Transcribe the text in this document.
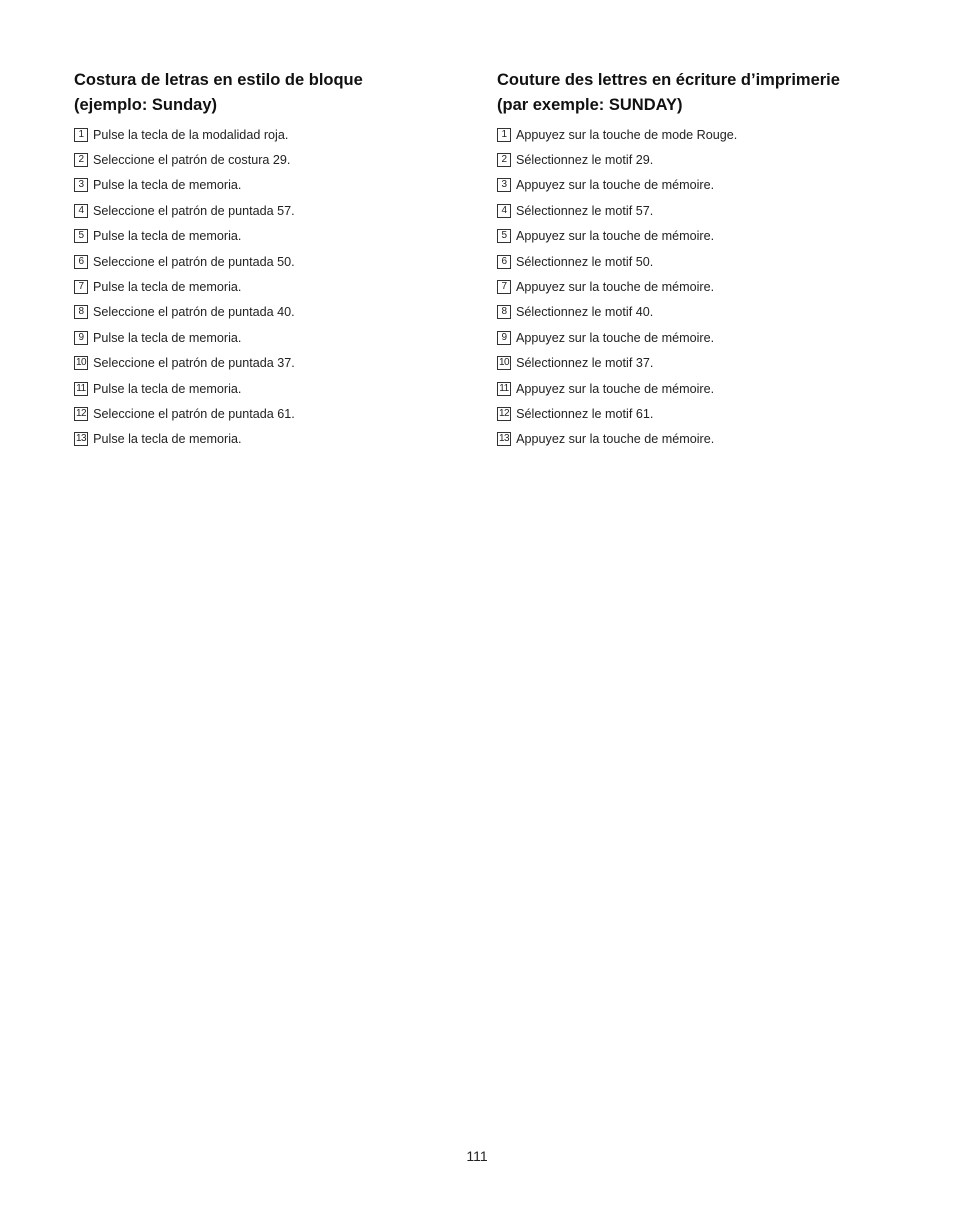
Costura de letras en estilo de bloque
(ejemplo: Sunday)
1 Pulse la tecla de la modalidad roja.
2 Seleccione el patrón de costura 29.
3 Pulse la tecla de memoria.
4 Seleccione el patrón de puntada 57.
5 Pulse la tecla de memoria.
6 Seleccione el patrón de puntada 50.
7 Pulse la tecla de memoria.
8 Seleccione el patrón de puntada 40.
9 Pulse la tecla de memoria.
10 Seleccione el patrón de puntada 37.
11 Pulse la tecla de memoria.
12 Seleccione el patrón de puntada 61.
13 Pulse la tecla de memoria.
Couture des lettres en écriture d’imprimerie
(par exemple: SUNDAY)
1 Appuyez sur la touche de mode Rouge.
2 Sélectionnez le motif 29.
3 Appuyez sur la touche de mémoire.
4 Sélectionnez le motif 57.
5 Appuyez sur la touche de mémoire.
6 Sélectionnez le motif 50.
7 Appuyez sur la touche de mémoire.
8 Sélectionnez le motif 40.
9 Appuyez sur la touche de mémoire.
10 Sélectionnez le motif 37.
11 Appuyez sur la touche de mémoire.
12 Sélectionnez le motif 61.
13 Appuyez sur la touche de mémoire.
111
